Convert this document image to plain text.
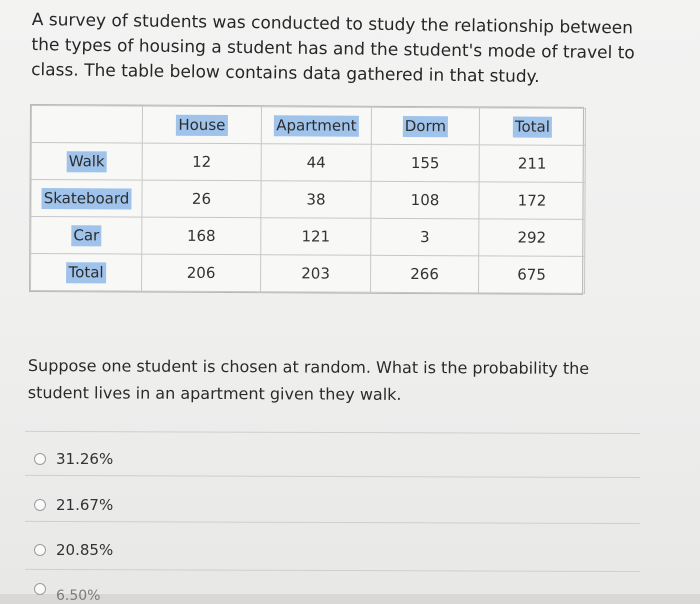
A survey of students was conducted to study the relationship between
the types of housing a student has and the student's mode of travel to
class. The table below contains data gathered in that study.
	House	Apartment	Dorm	Total
Walk	12	44	155	211
Skateboard	26	38	108	172
Car	168	121	3	292
Total	206	203	266	675
Suppose one student is chosen at random. What is the probability the
student lives in an apartment given they walk.
31.26%
21.67%
20.85%
6.50%
